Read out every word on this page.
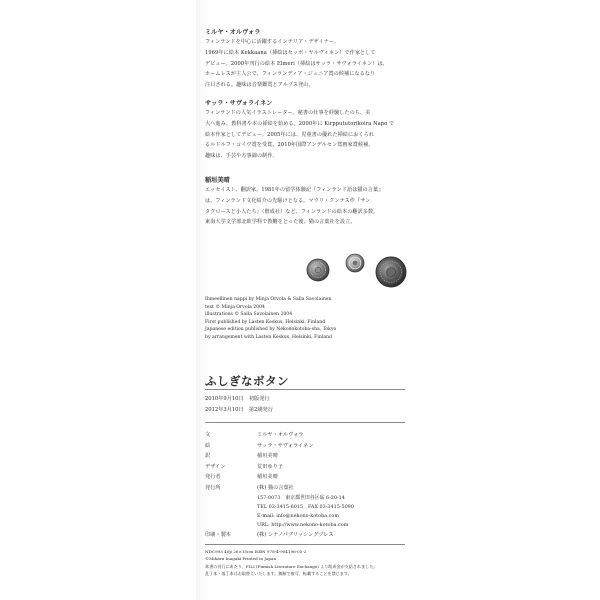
ミルヤ・オルヴォラ

フィンランドを中心に活躍するインテリア・デザイナー。

1969年に絵本 Kekkaana（挿絵はセッポ・ヤルヴィネン）で作家として

デビュー。2000年刊行の絵本 Elmeri（挿絵はサッラ・サヴォライネン）は、

ホームレスが主人公で、フィンランディア・ジュニア賞の候補になるなり

注目される。趣味は音楽鑑賞とアルプス登山。

サッラ・サヴォライネン

フィンランドの人気イラストレーター。秘書の仕事を経験したのち、美

大へ進み、教科書や本の挿絵を始める。2000年に Kirppututorikoira Napo で

絵本作家としてデビュー。2005年には、児童書の優れた挿絵におくられ

るルドルフ・コイヴ賞を受賞。2010年国際アンデルセン賞画家賞候補。

趣味は、手芸や方事錦の制作。

稲垣美晴

エッセイスト、翻訳家。1981年の留学体験記『フィンランド語は猫の言葉』

は、フィンランド文化紹介の先駆けとなる。マウリ・クンナス作『サン

タクロースと小人たち』（偕成社）など、フィンランドの絵本の翻訳多数。

東海大学文学部北欧学科で教鞭をとった後、猫の言葉社を設立。

Ihmeellinen nappi by Minja Orvola & Salla Savolainen

text © Minja Orvola 2004

illustrations © Salla Savolainen 2004

First published by Lasten Keskus, Helsinki, Finland

Japanese edition published by Nekonokotoba-sha, Tokyo

by arrangement with Lasten Keskus, Helsinki, Finland

ふしぎなボタン

2010年9月10日　初版発行

2012年3月10日　第2刷発行

文	ミルヤ・オルヴォラ
絵	サッラ・サヴォライネン
訳	稲垣美晴
デザイン	荒田ゆり子
発行者	稲垣美晴
発行所	(株) 猫の言葉社
157-0073　東京都世田谷区砧 6-20-14
TEL 03-3415-6015　FAX 03-3415-5090
E-mail: info@nekono-kotoba.com
URL: http://www.nekono-kotoba.com
印刷・製本	(株) シナノパブリッシングプレス

NDC993 40p 26×15cm ISBN 978-4-904196-05-2

©Miharu Inagaki Printed in Japan

本書の刊行にあたり、FILI (Finnish Literature Exchange) より助成金が支給されました。

乱丁本・落丁本はお取替えいたします。無断で複写、転載することを禁じます。
